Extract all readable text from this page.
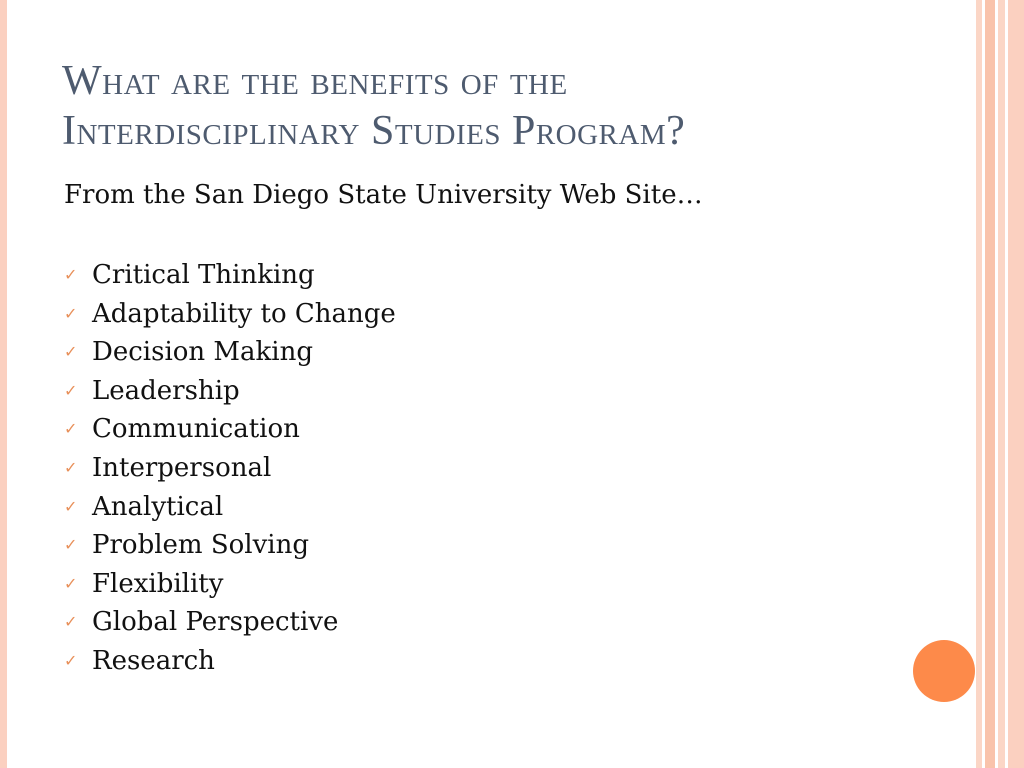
What are the benefits of the
Interdisciplinary Studies Program?
From the San Diego State University Web Site…
✓ Critical Thinking
✓ Adaptability to Change
✓ Decision Making
✓ Leadership
✓ Communication
✓ Interpersonal
✓ Analytical
✓ Problem Solving
✓ Flexibility
✓ Global Perspective
✓ Research
